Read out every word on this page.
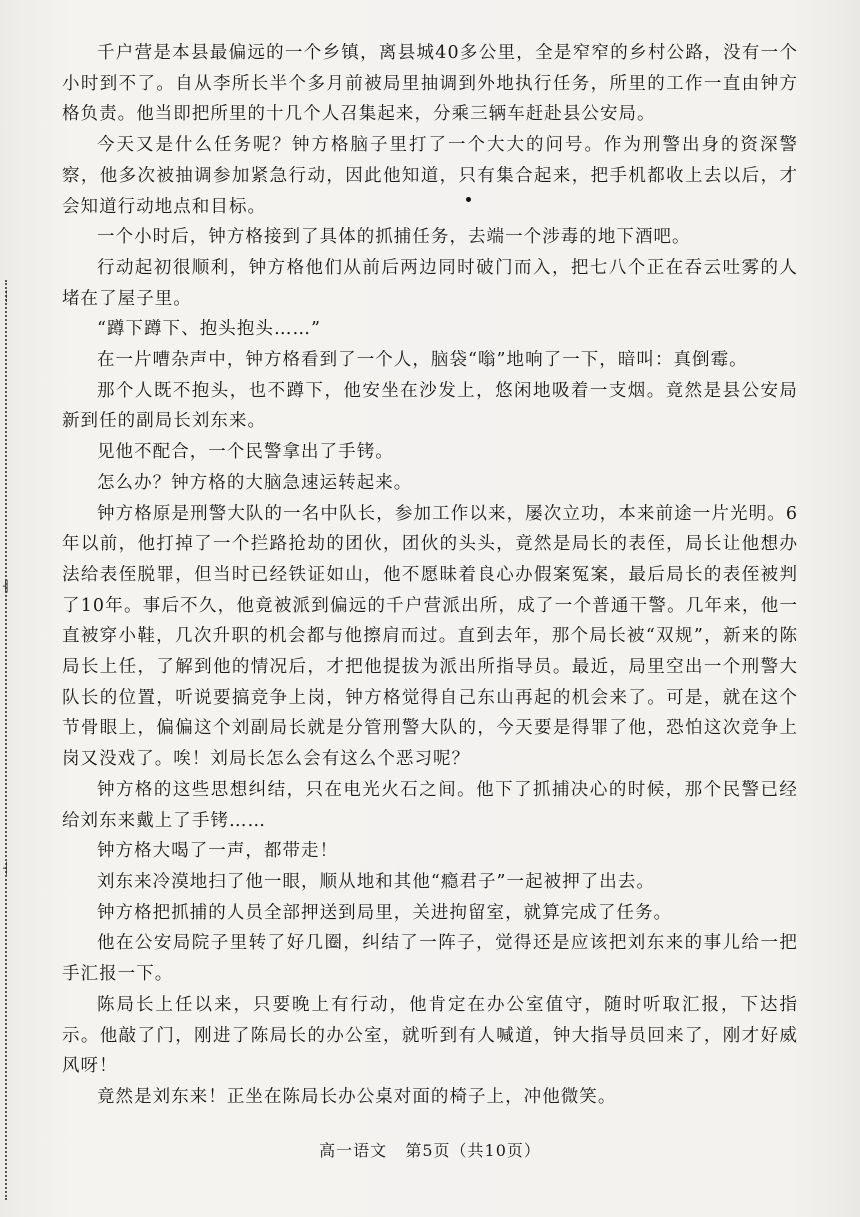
┆
╢
┤

千户营是本县最偏远的一个乡镇，离县城40多公里，全是窄窄的乡村公路，没有一个小时到不了。自从李所长半个多月前被局里抽调到外地执行任务，所里的工作一直由钟方格负责。他当即把所里的十几个人召集起来，分乘三辆车赶赴县公安局。

今天又是什么任务呢？钟方格脑子里打了一个大大的问号。作为刑警出身的资深警察，他多次被抽调参加紧急行动，因此他知道，只有集合起来，把手机都收上去以后，才会知道行动地点和目标。

一个小时后，钟方格接到了具体的抓捕任务，去端一个涉毒的地下酒吧。

行动起初很顺利，钟方格他们从前后两边同时破门而入，把七八个正在吞云吐雾的人堵在了屋子里。

“蹲下蹲下、抱头抱头……”

在一片嘈杂声中，钟方格看到了一个人，脑袋“嗡”地响了一下，暗叫：真倒霉。

那个人既不抱头，也不蹲下，他安坐在沙发上，悠闲地吸着一支烟。竟然是县公安局新到任的副局长刘东来。

见他不配合，一个民警拿出了手铐。

怎么办？钟方格的大脑急速运转起来。

钟方格原是刑警大队的一名中队长，参加工作以来，屡次立功，本来前途一片光明。6年以前，他打掉了一个拦路抢劫的团伙，团伙的头头，竟然是局长的表侄，局长让他想办法给表侄脱罪，但当时已经铁证如山，他不愿昧着良心办假案冤案，最后局长的表侄被判了10年。事后不久，他竟被派到偏远的千户营派出所，成了一个普通干警。几年来，他一直被穿小鞋，几次升职的机会都与他擦肩而过。直到去年，那个局长被“双规”，新来的陈局长上任，了解到他的情况后，才把他提拔为派出所指导员。最近，局里空出一个刑警大队长的位置，听说要搞竞争上岗，钟方格觉得自己东山再起的机会来了。可是，就在这个节骨眼上，偏偏这个刘副局长就是分管刑警大队的，今天要是得罪了他，恐怕这次竞争上岗又没戏了。唉！刘局长怎么会有这么个恶习呢？

钟方格的这些思想纠结，只在电光火石之间。他下了抓捕决心的时候，那个民警已经给刘东来戴上了手铐……

钟方格大喝了一声，都带走！

刘东来冷漠地扫了他一眼，顺从地和其他“瘾君子”一起被押了出去。

钟方格把抓捕的人员全部押送到局里，关进拘留室，就算完成了任务。

他在公安局院子里转了好几圈，纠结了一阵子，觉得还是应该把刘东来的事儿给一把手汇报一下。

陈局长上任以来，只要晚上有行动，他肯定在办公室值守，随时听取汇报，下达指示。他敲了门，刚进了陈局长的办公室，就听到有人喊道，钟大指导员回来了，刚才好威风呀！

竟然是刘东来！正坐在陈局长办公桌对面的椅子上，冲他微笑。

高一语文 第5页（共10页）
